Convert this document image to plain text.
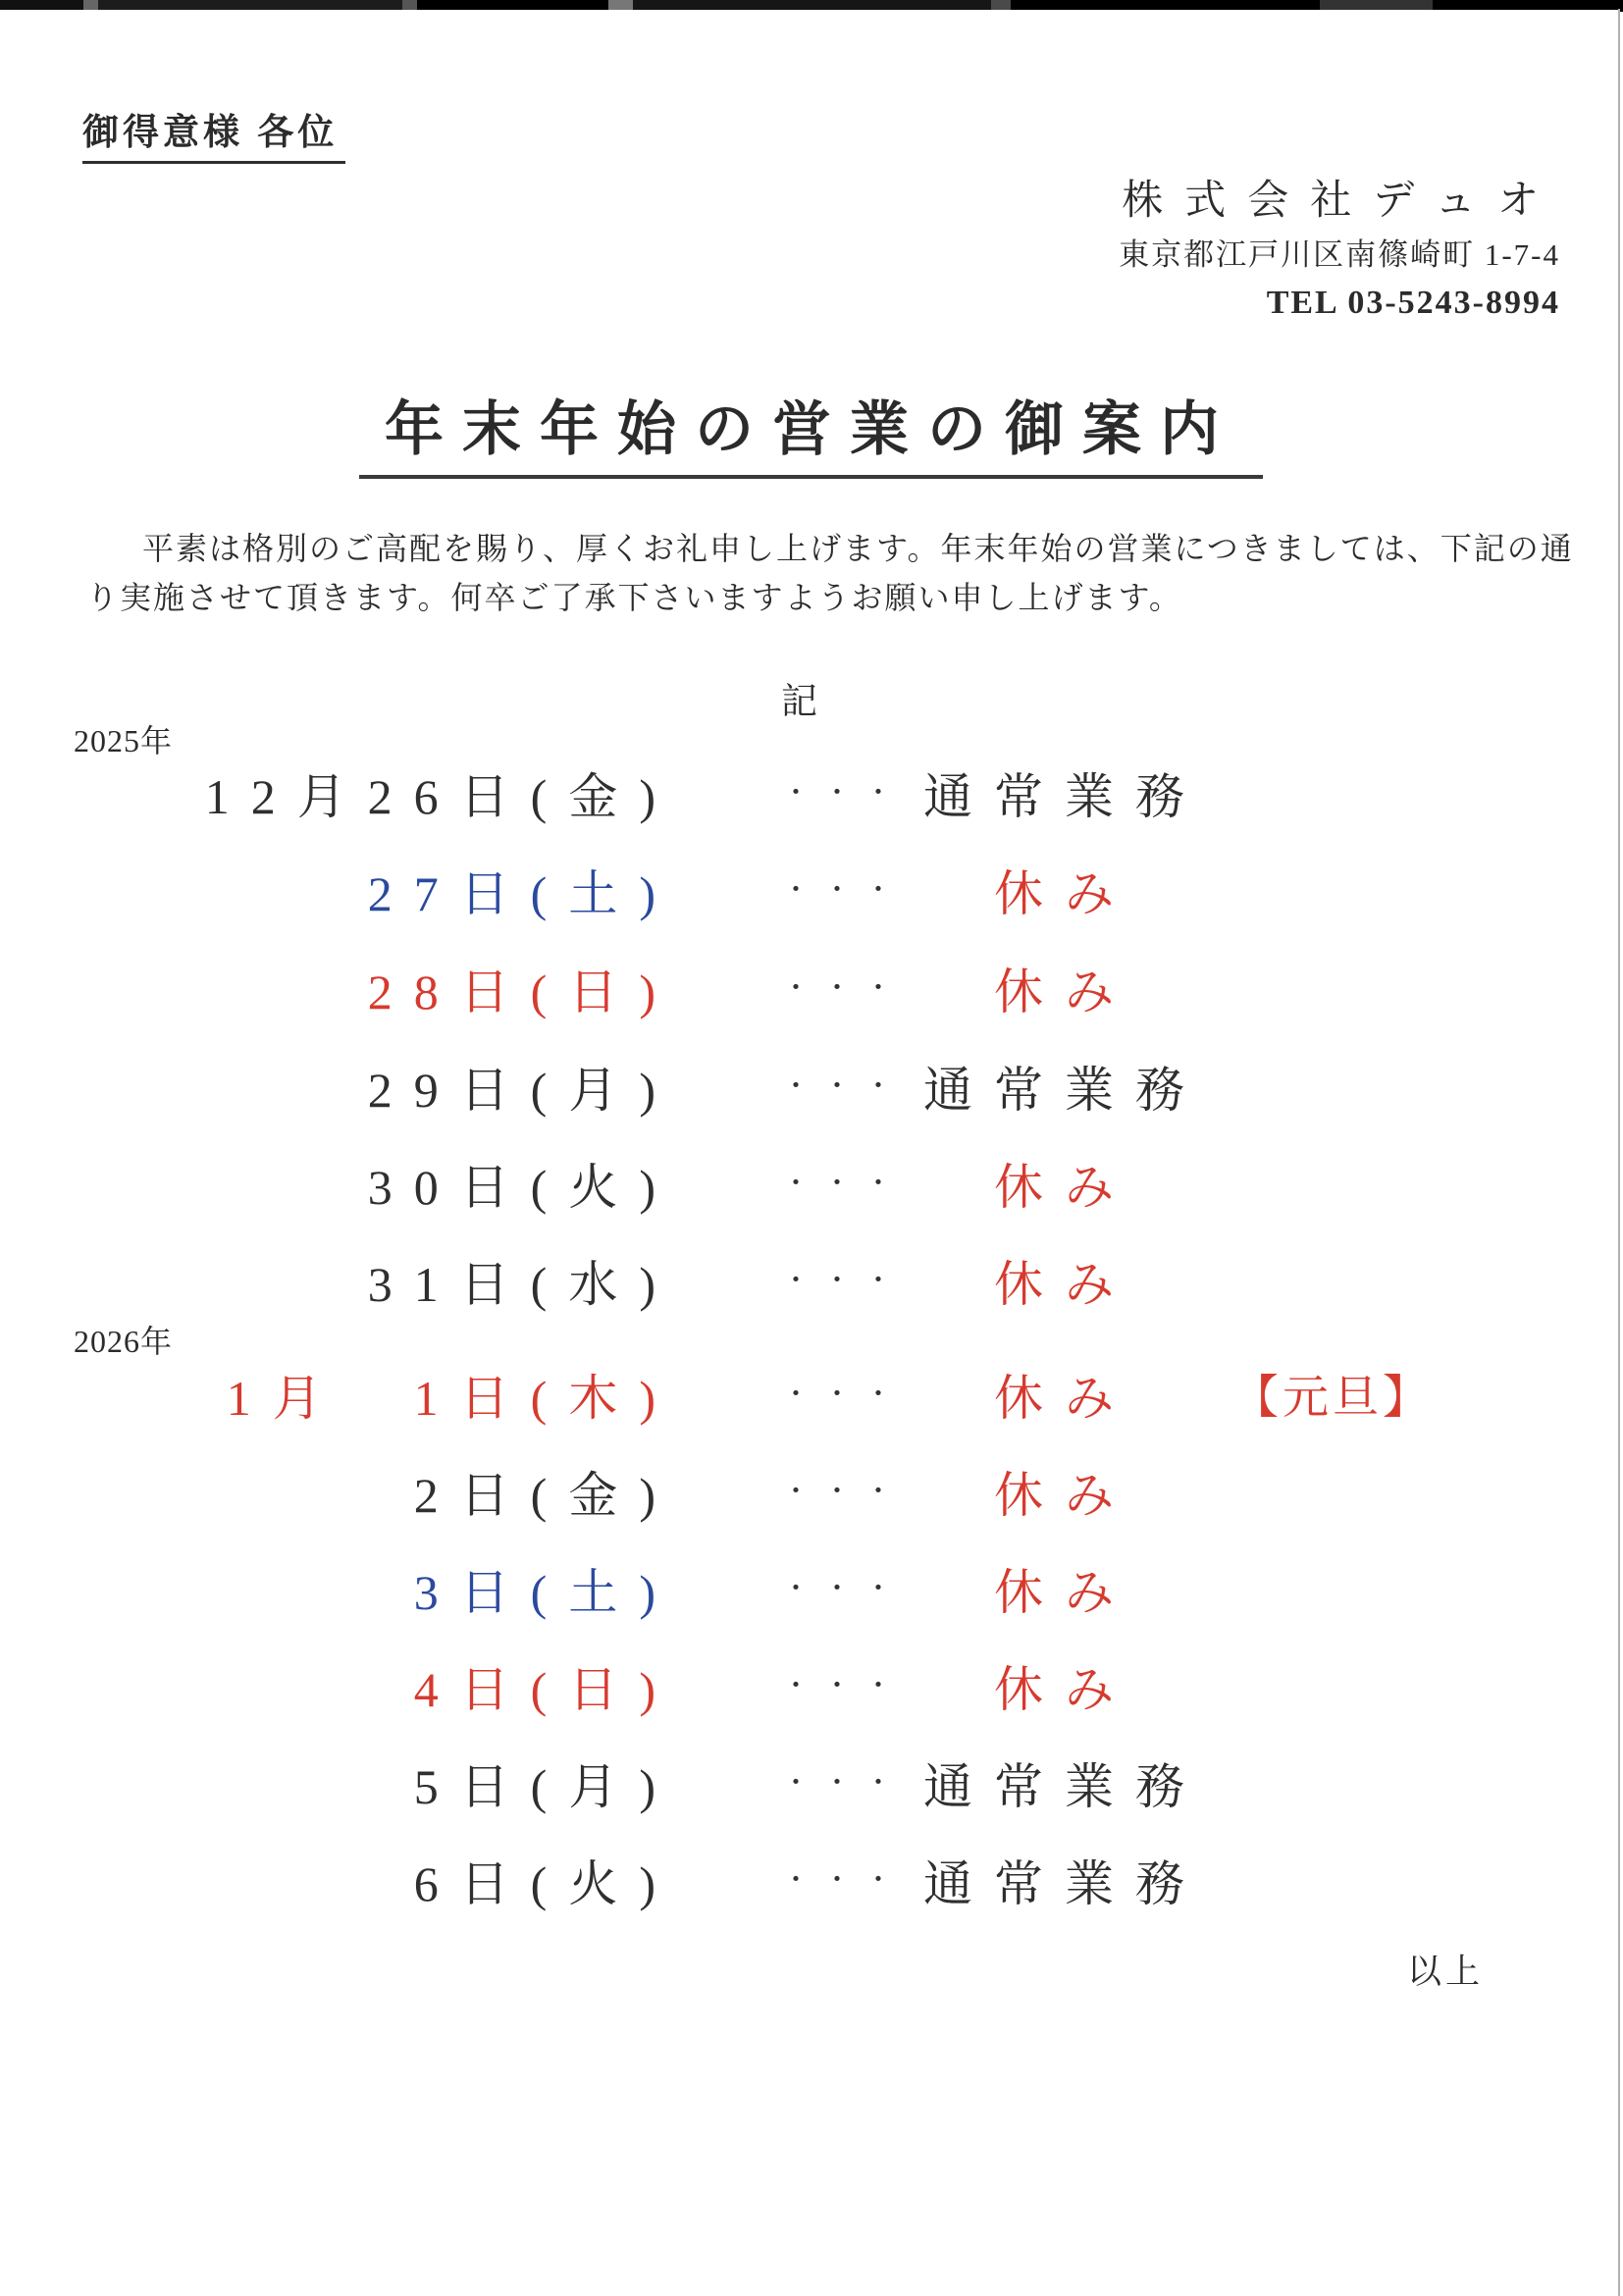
御得意様 各位
株式会社デュオ
東京都江戸川区南篠崎町 1-7-4
TEL 03-5243-8994
年末年始の営業の御案内
平素は格別のご高配を賜り、厚くお礼申し上げます。年末年始の営業につきましては、下記の通
り実施させて頂きます。何卒ご了承下さいますようお願い申し上げます。
記
2025年
12月26日(金)	・・・ 通常業務
27日(土)	・・・	休み
28日(日)	・・・	休み
29日(月)	・・・ 通常業務
30日(火)	・・・	休み
31日(水)	・・・	休み
2026年
1月　1日(木)	・・・	休み	【元旦】
2日(金)	・・・	休み
3日(土)	・・・	休み
4日(日)	・・・	休み
5日(月)	・・・ 通常業務
6日(火)	・・・ 通常業務
以上
